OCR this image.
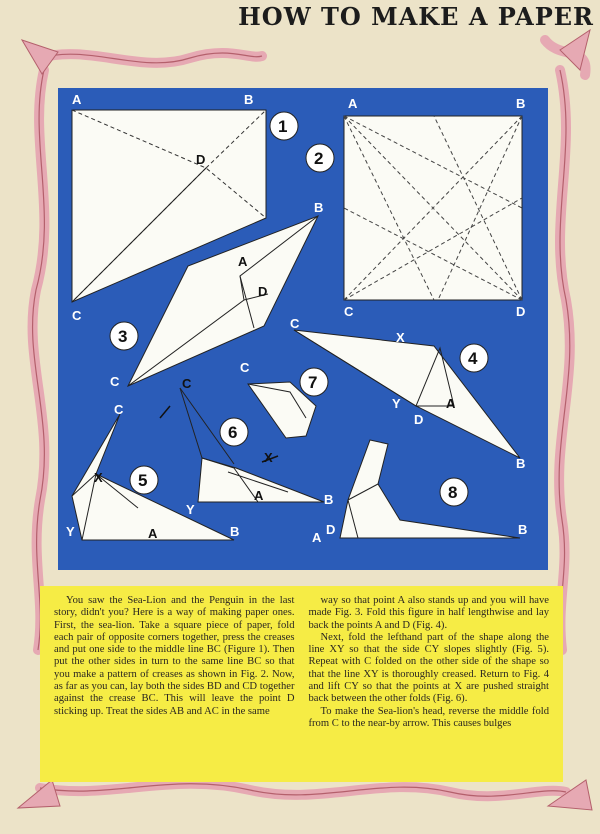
HOW TO MAKE A PAPER
A	B
D
C
1
A	B
C	D
2
B
A
D
C
3
C
X
Y	A
D
B
4
C
X
Y	A	B
5
C
X
Y
A	B
6
C
7
A
D	B
8

You saw the Sea-Lion and the Penguin in the last story, didn't you? Here is a way of making paper ones. First, the sea-lion. Take a square piece of paper, fold each pair of opposite corners together, press the creases and put one side to the middle line BC (Figure 1). Then put the other sides in turn to the same line BC so that you make a pattern of creases as shown in Fig. 2. Now, as far as you can, lay both the sides BD and CD together against the crease BC. This will leave the point D sticking up. Treat the sides AB and AC in the same

way so that point A also stands up and you will have made Fig. 3. Fold this figure in half lengthwise and lay back the points A and D (Fig. 4).

Next, fold the lefthand part of the shape along the line XY so that the side CY slopes slightly (Fig. 5). Repeat with C folded on the other side of the shape so that the line XY is thoroughly creased. Return to Fig. 4 and lift CY so that the points at X are pushed straight back between the other folds (Fig. 6).

To make the Sea-lion's head, reverse the middle fold from C to the near-by arrow. This causes bulges
